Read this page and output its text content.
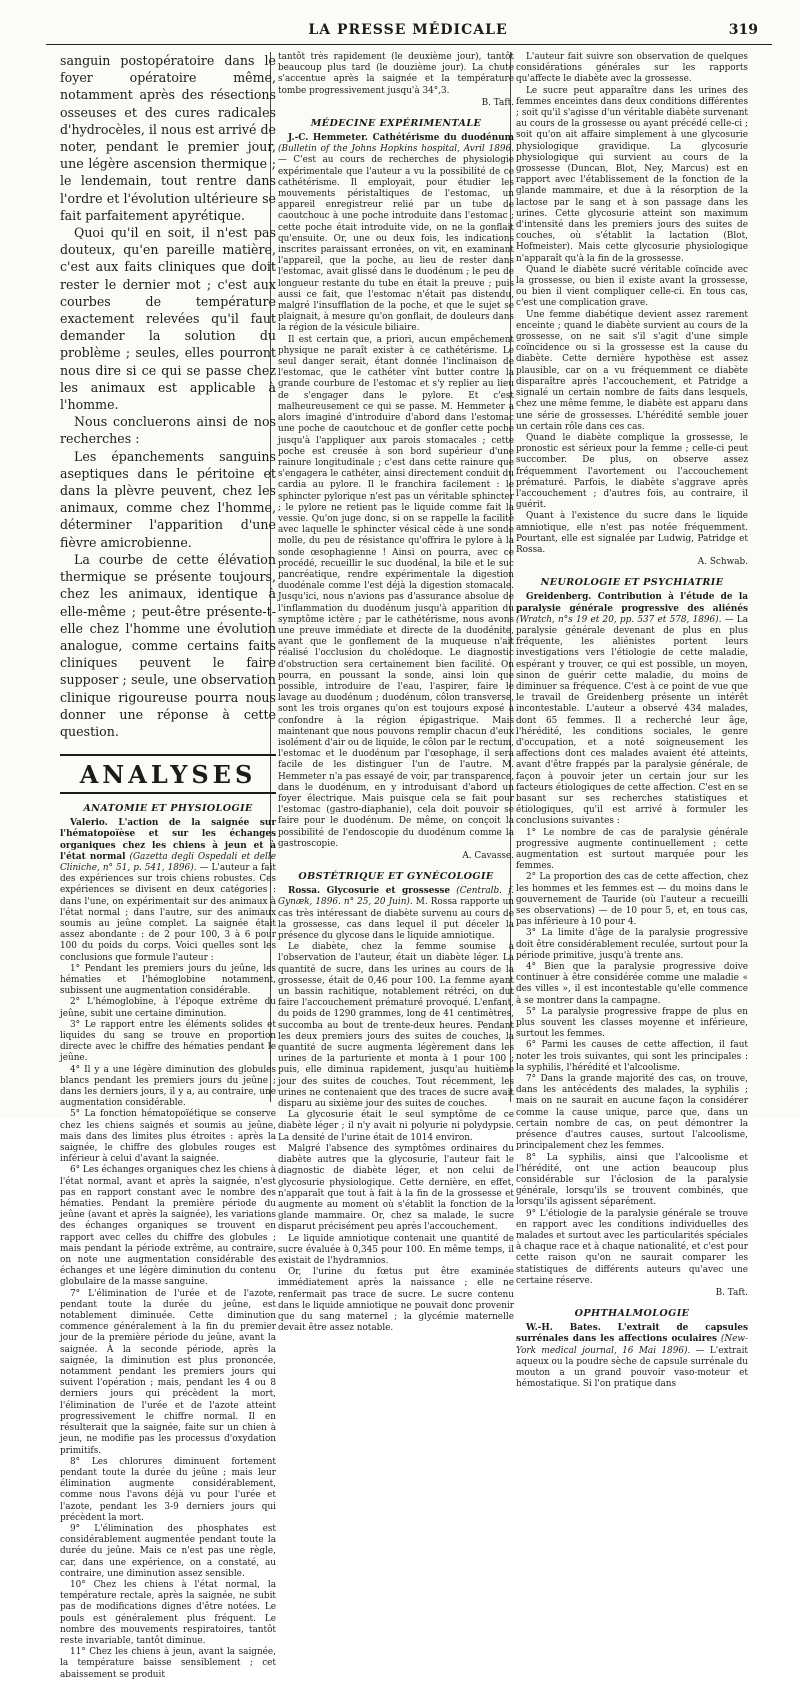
LA PRESSE MÉDICALE	319

sanguin postopératoire dans le foyer opératoire même, notamment après des résections osseuses et des cures radicales d'hydrocèles, il nous est arrivé de noter, pendant le premier jour, une légère ascension thermique ; le lendemain, tout rentre dans l'ordre et l'évolution ultérieure se fait parfaitement apyrétique.

Quoi qu'il en soit, il n'est pas douteux, qu'en pareille matière, c'est aux faits cliniques que doit rester le dernier mot ; c'est aux courbes de température exactement relevées qu'il faut demander la solution du problème ; seules, elles pourront nous dire si ce qui se passe chez les animaux est applicable à l'homme.

Nous concluerons ainsi de nos recherches :

Les épanchements sanguins aseptiques dans le péritoine et dans la plèvre peuvent, chez les animaux, comme chez l'homme, déterminer l'apparition d'une fièvre amicrobienne.

La courbe de cette élévation thermique se présente toujours, chez les animaux, identique à elle-même ; peut-être présente-t-elle chez l'homme une évolution analogue, comme certains faits cliniques peuvent le faire supposer ; seule, une observation clinique rigoureuse pourra nous donner une réponse à cette question.

ANALYSES
ANATOMIE ET PHYSIOLOGIE

Valerio. L'action de la saignée sur l'hématopoïèse et sur les échanges organiques chez les chiens à jeun et à l'état normal (Gazetta degli Ospedali et delle Cliniche, n° 51, p. 541, 1896). — L'auteur a fait des expériences sur trois chiens robustes. Ces expériences se divisent en deux catégories : dans l'une, on expérimentait sur des animaux à l'état normal ; dans l'autre, sur des animaux soumis au jeûne complet. La saignée était assez abondante : de 2 pour 100, 3 à 6 pour 100 du poids du corps. Voici quelles sont les conclusions que formule l'auteur :

1° Pendant les premiers jours du jeûne, les hématies et l'hémoglobine notamment, subissent une augmentation considérable.

2° L'hémoglobine, à l'époque extrême du jeûne, subit une certaine diminution.

3° Le rapport entre les éléments solides et liquides du sang se trouve en proportion directe avec le chiffre des hématies pendant le jeûne.

4° Il y a une légère diminution des globules blancs pendant les premiers jours du jeûne ; dans les derniers jours, il y a, au contraire, une augmentation considérable.

5° La fonction hématopoïétique se conserve chez les chiens saignés et soumis au jeûne, mais dans des limites plus étroites : après la saignée, le chiffre des globules rouges est inférieur à celui d'avant la saignée.

6° Les échanges organiques chez les chiens à l'état normal, avant et après la saignée, n'est pas en rapport constant avec le nombre des hématies. Pendant la première période du jeûne (avant et après la saignée), les variations des échanges organiques se trouvent en rapport avec celles du chiffre des globules ; mais pendant la période extrême, au contraire, on note une augmentation considérable des échanges et une légère diminution du contenu globulaire de la masse sanguine.

7° L'élimination de l'urée et de l'azote, pendant toute la durée du jeûne, est notablement diminuée. Cette diminution commence généralement à la fin du premier jour de la première période du jeûne, avant la saignée. À la seconde période, après la saignée, la diminution est plus prononcée, notamment pendant les premiers jours qui suivent l'opération ; mais, pendant les 4 ou 8 derniers jours qui précèdent la mort, l'élimination de l'urée et de l'azote atteint progressivement le chiffre normal. Il en résulterait que la saignée, faite sur un chien à jeun, ne modifie pas les processus d'oxydation primitifs.

8° Les chlorures diminuent fortement pendant toute la durée du jeûne ; mais leur élimination augmente considérablement, comme nous l'avons déjà vu pour l'urée et l'azote, pendant les 3-9 derniers jours qui précèdent la mort.

9° L'élimination des phosphates est considérablement augmentée pendant toute la durée du jeûne. Mais ce n'est pas une règle, car, dans une expérience, on a constaté, au contraire, une diminution assez sensible.

10° Chez les chiens à l'état normal, la température rectale, après la saignée, ne subit pas de modifications dignes d'être notées. Le pouls est généralement plus fréquent. Le nombre des mouvements respiratoires, tantôt reste invariable, tantôt diminue.

11° Chez les chiens à jeun, avant la saignée, la température baisse sensiblement ; cet abaissement se produit

tantôt très rapidement (le deuxième jour), tantôt beaucoup plus tard (le douzième jour). La chute s'accentue après la saignée et la température tombe progressivement jusqu'à 34°,3.

B. Taft.
MÉDECINE EXPÉRIMENTALE

J.-C. Hemmeter. Cathétérisme du duodénum (Bulletin of the Johns Hopkins hospital, Avril 1896. — C'est au cours de recherches de physiologie expérimentale que l'auteur a vu la possibilité de ce cathétérisme. Il employait, pour étudier les mouvements péristaltiques de l'estomac, un appareil enregistreur relié par un tube de caoutchouc à une poche introduite dans l'estomac ; cette poche était introduite vide, on ne la gonflait qu'ensuite. Or, une ou deux fois, les indications inscrites paraissant erronées, on vit, en examinant l'appareil, que la poche, au lieu de rester dans l'estomac, avait glissé dans le duodénum ; le peu de longueur restante du tube en était la preuve ; puis aussi ce fait, que l'estomac n'était pas distendu, malgré l'insufflation de la poche, et que le sujet se plaignait, à mesure qu'on gonflait, de douleurs dans la région de la vésicule biliaire.

Il est certain que, a priori, aucun empêchement physique ne paraît exister à ce cathétérisme. Le seul danger serait, étant donnée l'inclinaison de l'estomac, que le cathéter vînt butter contre la grande courbure de l'estomac et s'y replier au lieu de s'engager dans le pylore. Et c'est malheureusement ce qui se passe. M. Hemmeter a alors imaginé d'introduire d'abord dans l'estomac une poche de caoutchouc et de gonfler cette poche jusqu'à l'appliquer aux parois stomacales ; cette poche est creusée à son bord supérieur d'une rainure longitudinale ; c'est dans cette rainure que s'engagera le cathéter, ainsi directement conduit du cardia au pylore. Il le franchira facilement : le sphincter pylorique n'est pas un véritable sphincter ; le pylore ne retient pas le liquide comme fait la vessie. Qu'on juge donc, si on se rappelle la facilité avec laquelle le sphincter vésical cède à une sonde molle, du peu de résistance qu'offrira le pylore à la sonde œsophagienne ! Ainsi on pourra, avec ce procédé, recueillir le suc duodénal, la bile et le suc pancréatique, rendre expérimentale la digestion duodénale comme l'est déjà la digestion stomacale. Jusqu'ici, nous n'avions pas d'assurance absolue de l'inflammation du duodénum jusqu'à apparition du symptôme ictère ; par le cathétérisme, nous avons une preuve immédiate et directe de la duodénite, avant que le gonflement de la muqueuse n'ait réalisé l'occlusion du cholédoque. Le diagnostic d'obstruction sera certainement bien facilité. On pourra, en poussant la sonde, ainsi loin que possible, introduire de l'eau, l'aspirer, faire le lavage au duodénum ; duodénum, côlon transverse, sont les trois organes qu'on est toujours exposé à confondre à la région épigastrique. Mais maintenant que nous pouvons remplir chacun d'eux isolément d'air ou de liquide, le côlon par le rectum, l'estomac et le duodénum par l'œsophage, il sera facile de les distinguer l'un de l'autre. M. Hemmeter n'a pas essayé de voir, par transparence, dans le duodénum, en y introduisant d'abord un foyer électrique. Mais puisque cela se fait pour l'estomac (gastro-diaphanie), cela doit pouvoir se faire pour le duodénum. De même, on conçoit la possibilité de l'endoscopie du duodénum comme la gastroscopie.

A. Cavasse.
OBSTÉTRIQUE ET GYNÉCOLOGIE

Rossa. Glycosurie et grossesse (Centralb. f. Gynæk, 1896. n° 25, 20 Juin). M. Rossa rapporte un cas très intéressant de diabète survenu au cours de la grossesse, cas dans lequel il put déceler la présence du glycose dans le liquide amniotique.

Le diabète, chez la femme soumise à l'observation de l'auteur, était un diabète léger. La quantité de sucre, dans les urines au cours de la grossesse, était de 0,46 pour 100. La femme ayant un bassin rachitique, notablement rétréci, on dut faire l'accouchement prématuré provoqué. L'enfant, du poids de 1290 grammes, long de 41 centimètres, succomba au bout de trente-deux heures. Pendant les deux premiers jours des suites de couches, la quantité de sucre augmenta légèrement dans les urines de la parturiente et monta à 1 pour 100 ; puis, elle diminua rapidement, jusqu'au huitième jour des suites de couches. Tout récemment, les urines ne contenaient que des traces de sucre avait disparu au sixième jour des suites de couches.

La glycosurie était le seul symptôme de ce diabète léger ; il n'y avait ni polyurie ni polydypsie. La densité de l'urine était de 1014 environ.

Malgré l'absence des symptômes ordinaires du diabète autres que la glycosurie, l'auteur fait le diagnostic de diabète léger, et non celui de glycosurie physiologique. Cette dernière, en effet, n'apparaît que tout à fait à la fin de la grossesse et augmente au moment où s'établit la fonction de la glande mammaire. Or, chez sa malade, le sucre disparut précisément peu après l'accouchement.

Le liquide amniotique contenait une quantité de sucre évaluée à 0,345 pour 100. En même temps, il existait de l'hydramnios.

Or, l'urine du fœtus put être examinée immédiatement après la naissance ; elle ne renfermait pas trace de sucre. Le sucre contenu dans le liquide amniotique ne pouvait donc provenir que du sang maternel ; la glycémie maternelle devait être assez notable.

L'auteur fait suivre son observation de quelques considérations générales sur les rapports qu'affecte le diabète avec la grossesse.

Le sucre peut apparaître dans les urines des femmes enceintes dans deux conditions différentes ; soit qu'il s'agisse d'un véritable diabète survenant au cours de la grossesse ou ayant précédé celle-ci ; soit qu'on ait affaire simplement à une glycosurie physiologique gravidique. La glycosurie physiologique qui survient au cours de la grossesse (Duncan, Blot, Ney, Marcus) est en rapport avec l'établissement de la fonction de la glande mammaire, et due à la résorption de la lactose par le sang et à son passage dans les urines. Cette glycosurie atteint son maximum d'intensité dans les premiers jours des suites de couches, où s'établit la lactation (Blot, Hofmeister). Mais cette glycosurie physiologique n'apparaît qu'à la fin de la grossesse.

Quand le diabète sucré véritable coïncide avec la grossesse, ou bien il existe avant la grossesse, ou bien il vient compliquer celle-ci. En tous cas, c'est une complication grave.

Une femme diabétique devient assez rarement enceinte ; quand le diabète survient au cours de la grossesse, on ne sait s'il s'agit d'une simple coïncidence ou si la grossesse est la cause du diabète. Cette dernière hypothèse est assez plausible, car on a vu fréquemment ce diabète disparaître après l'accouchement, et Patridge a signalé un certain nombre de faits dans lesquels, chez une même femme, le diabète est apparu dans une série de grossesses. L'hérédité semble jouer un certain rôle dans ces cas.

Quand le diabète complique la grossesse, le pronostic est sérieux pour la femme ; celle-ci peut succomber. De plus, on observe assez fréquemment l'avortement ou l'accouchement prématuré. Parfois, le diabète s'aggrave après l'accouchement ; d'autres fois, au contraire, il guérit.

Quant à l'existence du sucre dans le liquide amniotique, elle n'est pas notée fréquemment. Pourtant, elle est signalée par Ludwig, Patridge et Rossa.

A. Schwab.
NEUROLOGIE ET PSYCHIATRIE

Greidenberg. Contribution à l'étude de la paralysie générale progressive des aliénés (Wratch, n°s 19 et 20, pp. 537 et 578, 1896). — La paralysie générale devenant de plus en plus fréquente, les aliénistes portent leurs investigations vers l'étiologie de cette maladie, espérant y trouver, ce qui est possible, un moyen, sinon de guérir cette maladie, du moins de diminuer sa fréquence. C'est à ce point de vue que le travail de Greidenberg présente un intérêt incontestable. L'auteur a observé 434 malades, dont 65 femmes. Il a recherché leur âge, l'hérédité, les conditions sociales, le genre d'occupation, et a noté soigneusement les affections dont ces malades avaient été atteints, avant d'être frappés par la paralysie générale, de façon à pouvoir jeter un certain jour sur les facteurs étiologiques de cette affection. C'est en se basant sur ses recherches statistiques et étiologiques, qu'il est arrivé à formuler les conclusions suivantes :

1° Le nombre de cas de paralysie générale progressive augmente continuellement ; cette augmentation est surtout marquée pour les femmes.

2° La proportion des cas de cette affection, chez les hommes et les femmes est — du moins dans le gouvernement de Tauride (où l'auteur a recueilli ses observations) — de 10 pour 5, et, en tous cas, pas inférieure à 10 pour 4.

3° La limite d'âge de la paralysie progressive doit être considérablement reculée, surtout pour la période primitive, jusqu'à trente ans.

4° Bien que la paralysie progressive doive continuer à être considérée comme une maladie « des villes », il est incontestable qu'elle commence à se montrer dans la campagne.

5° La paralysie progressive frappe de plus en plus souvent les classes moyenne et inférieure, surtout les femmes.

6° Parmi les causes de cette affection, il faut noter les trois suivantes, qui sont les principales : la syphilis, l'hérédité et l'alcoolisme.

7° Dans la grande majorité des cas, on trouve, dans les antécédents des malades, la syphilis ; mais on ne saurait en aucune façon la considérer comme la cause unique, parce que, dans un certain nombre de cas, on peut démontrer la présence d'autres causes, surtout l'alcoolisme, principalement chez les femmes.

8° La syphilis, ainsi que l'alcoolisme et l'hérédité, ont une action beaucoup plus considérable sur l'éclosion de la paralysie générale, lorsqu'ils se trouvent combinés, que lorsqu'ils agissent séparément.

9° L'étiologie de la paralysie générale se trouve en rapport avec les conditions individuelles des malades et surtout avec les particularités spéciales à chaque race et à chaque nationalité, et c'est pour cette raison qu'on ne saurait comparer les statistiques de différents auteurs qu'avec une certaine réserve.

B. Taft.
OPHTHALMOLOGIE

W.-H. Bates. L'extrait de capsules surrénales dans les affections oculaires (New-York medical journal, 16 Mai 1896). — L'extrait aqueux ou la poudre sèche de capsule surrénale du mouton a un grand pouvoir vaso-moteur et hémostatique. Si l'on pratique dans
